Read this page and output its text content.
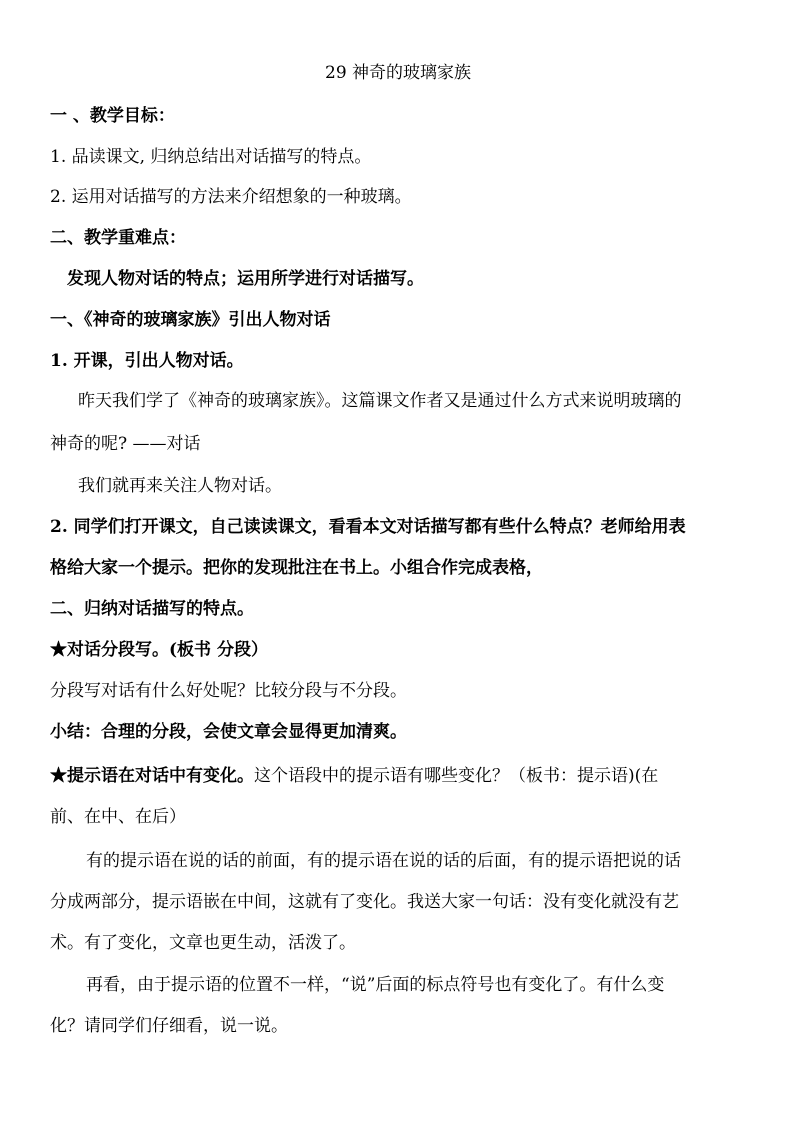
29 神奇的玻璃家族

一 、教学目标：

1. 品读课文, 归纳总结出对话描写的特点。

2. 运用对话描写的方法来介绍想象的一种玻璃。

二、教学重难点：

发现人物对话的特点；运用所学进行对话描写。

一、《神奇的玻璃家族》引出人物对话

1. 开课，引出人物对话。

昨天我们学了《神奇的玻璃家族》。这篇课文作者又是通过什么方式来说明玻璃的

神奇的呢? ——对话

我们就再来关注人物对话。

2. 同学们打开课文，自己读读课文，看看本文对话描写都有些什么特点？老师给用表

格给大家一个提示。把你的发现批注在书上。小组合作完成表格，

二、归纳对话描写的特点。

★对话分段写。(板书 分段）

分段写对话有什么好处呢？比较分段与不分段。

小结：合理的分段，会使文章会显得更加清爽。

★提示语在对话中有变化。这个语段中的提示语有哪些变化？（板书：提示语)(在

前、在中、在后）

有的提示语在说的话的前面，有的提示语在说的话的后面，有的提示语把说的话

分成两部分，提示语嵌在中间，这就有了变化。我送大家一句话：没有变化就没有艺

术。有了变化，文章也更生动，活泼了。

再看，由于提示语的位置不一样，“说”后面的标点符号也有变化了。有什么变

化？请同学们仔细看，说一说。
